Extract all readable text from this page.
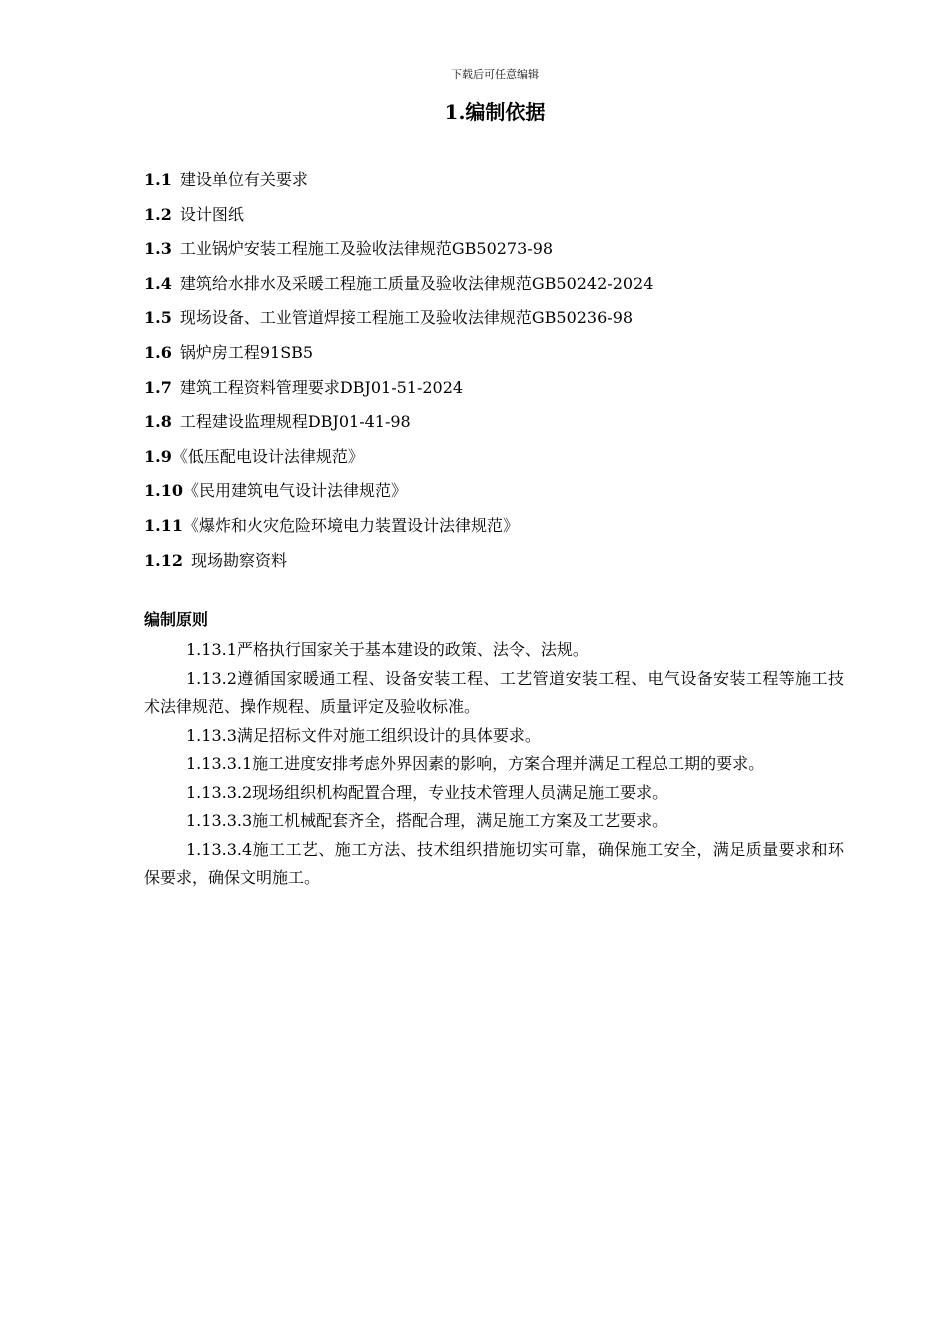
下载后可任意编辑
1.编制依据
1.1 建设单位有关要求
1.2 设计图纸
1.3 工业锅炉安装工程施工及验收法律规范GB50273-98
1.4 建筑给水排水及采暖工程施工质量及验收法律规范GB50242-2024
1.5 现场设备、工业管道焊接工程施工及验收法律规范GB50236-98
1.6 锅炉房工程91SB5
1.7 建筑工程资料管理要求DBJ01-51-2024
1.8 工程建设监理规程DBJ01-41-98
1.9《低压配电设计法律规范》
1.10《民用建筑电气设计法律规范》
1.11《爆炸和火灾危险环境电力装置设计法律规范》
1.12 现场勘察资料
编制原则

1.13.1严格执行国家关于基本建设的政策、法令、法规。

1.13.2遵循国家暖通工程、设备安装工程、工艺管道安装工程、电气设备安装工程等施工技术法律规范、操作规程、质量评定及验收标准。

1.13.3满足招标文件对施工组织设计的具体要求。

1.13.3.1施工进度安排考虑外界因素的影响，方案合理并满足工程总工期的要求。

1.13.3.2现场组织机构配置合理，专业技术管理人员满足施工要求。

1.13.3.3施工机械配套齐全，搭配合理，满足施工方案及工艺要求。

1.13.3.4施工工艺、施工方法、技术组织措施切实可靠，确保施工安全，满足质量要求和环保要求，确保文明施工。
